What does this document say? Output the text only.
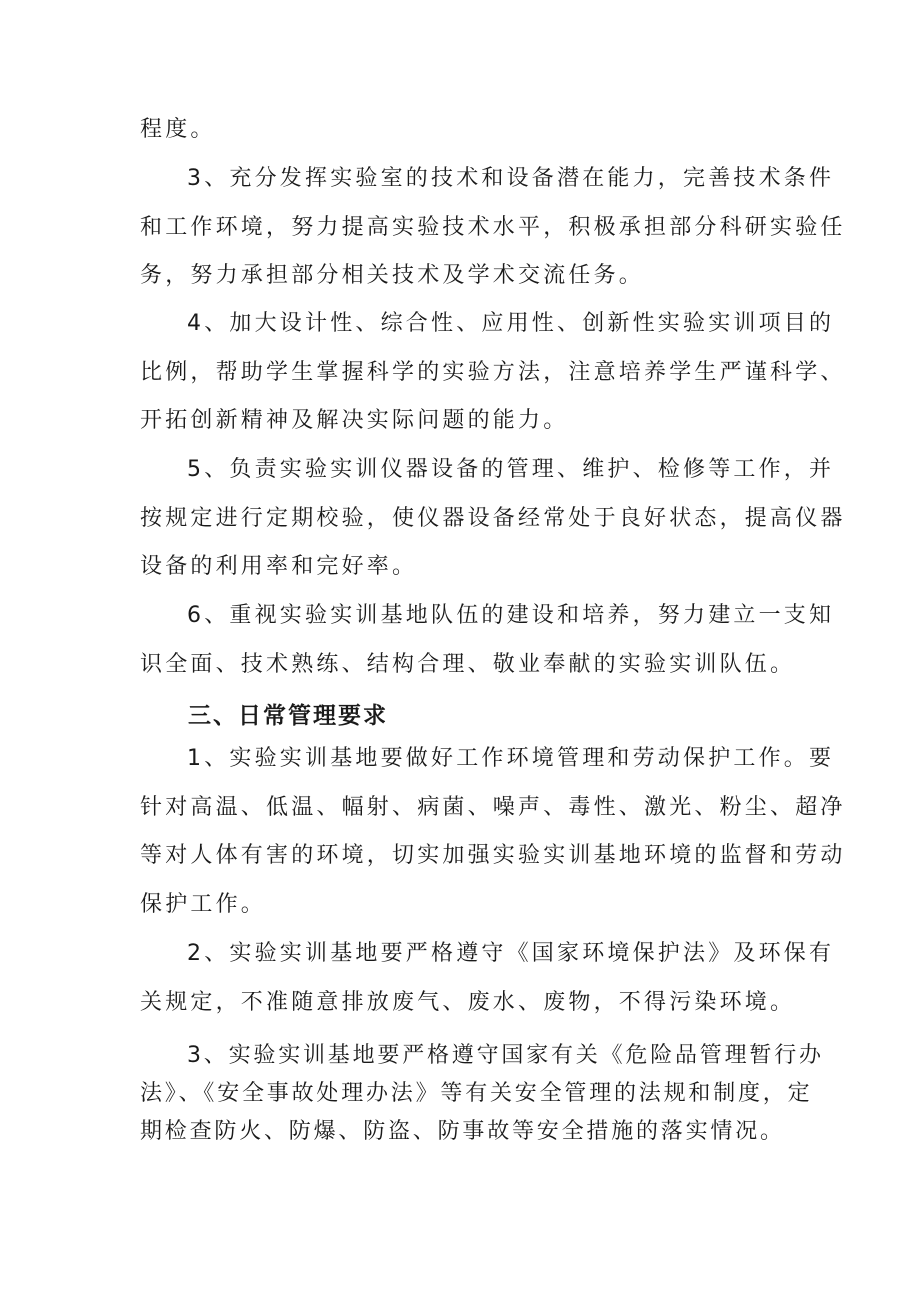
程度。

3、充分发挥实验室的技术和设备潜在能力，完善技术条件
和工作环境，努力提高实验技术水平，积极承担部分科研实验任
务，努力承担部分相关技术及学术交流任务。

4、加大设计性、综合性、应用性、创新性实验实训项目的
比例，帮助学生掌握科学的实验方法，注意培养学生严谨科学、
开拓创新精神及解决实际问题的能力。

5、负责实验实训仪器设备的管理、维护、检修等工作，并
按规定进行定期校验，使仪器设备经常处于良好状态，提高仪器
设备的利用率和完好率。

6、重视实验实训基地队伍的建设和培养，努力建立一支知
识全面、技术熟练、结构合理、敬业奉献的实验实训队伍。

三、日常管理要求

1、实验实训基地要做好工作环境管理和劳动保护工作。要
针对高温、低温、幅射、病菌、噪声、毒性、激光、粉尘、超净
等对人体有害的环境，切实加强实验实训基地环境的监督和劳动
保护工作。

2、实验实训基地要严格遵守《国家环境保护法》及环保有
关规定，不准随意排放废气、废水、废物，不得污染环境。

3、实验实训基地要严格遵守国家有关《危险品管理暂行办
法》、《安全事故处理办法》等有关安全管理的法规和制度，定
期检查防火、防爆、防盗、防事故等安全措施的落实情况。
